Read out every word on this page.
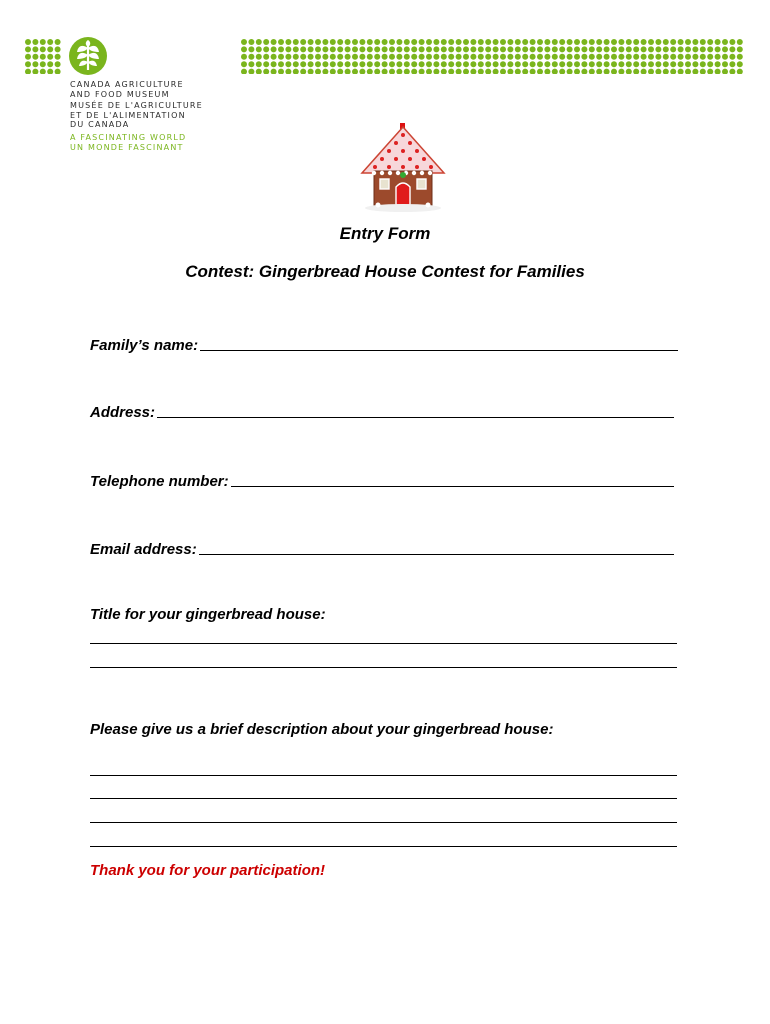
CANADA AGRICULTURE
AND FOOD MUSEUM
MUSÉE DE L'AGRICULTURE
ET DE L'ALIMENTATION
DU CANADA
A FASCINATING WORLD
UN MONDE FASCINANT
Entry Form
Contest: Gingerbread House Contest for Families
Family’s name:
Address:
Telephone number:
Email address:
Title for your gingerbread house:
Please give us a brief description about your gingerbread house:
Thank you for your participation!
